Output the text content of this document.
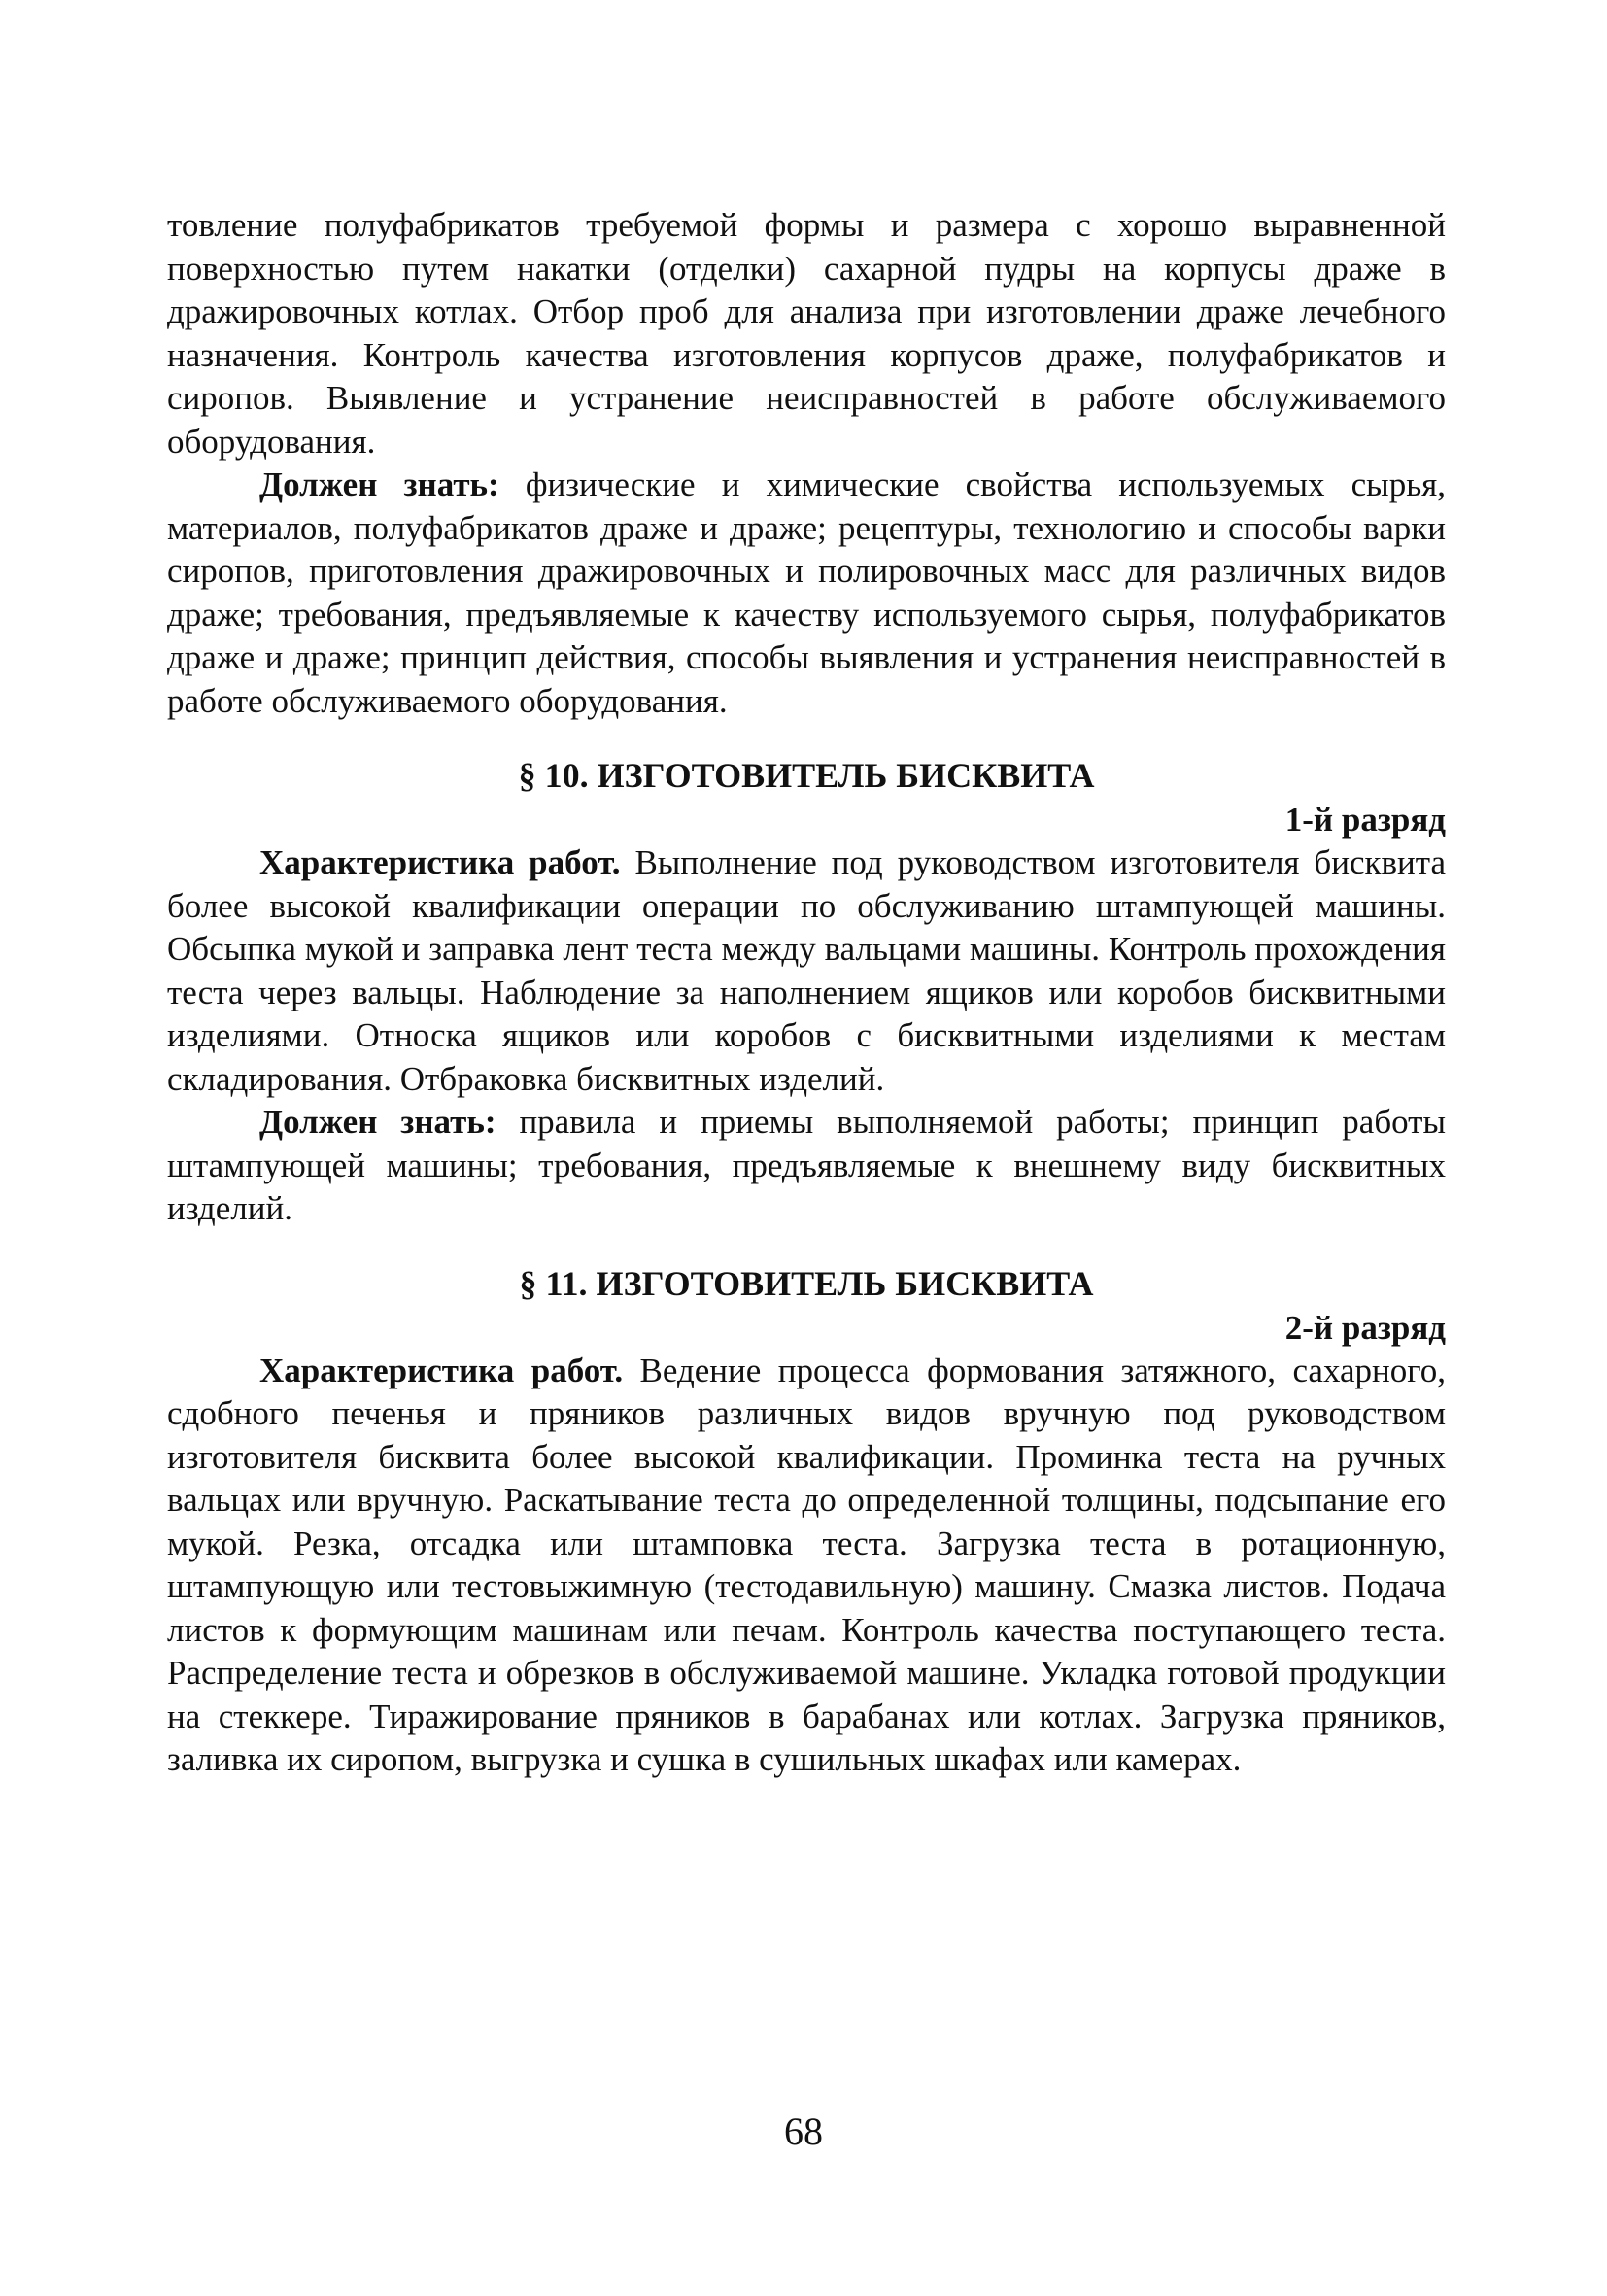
товление полуфабрикатов требуемой формы и размера с хорошо выравненной поверхностью путем накатки (отделки) сахарной пудры на корпусы драже в дражировочных котлах. Отбор проб для анализа при изготовлении драже лечебного назначения. Контроль качества изготовления корпусов драже, полуфабрикатов и сиропов. Выявление и устранение неисправностей в работе обслуживаемого оборудования.

Должен знать: физические и химические свойства используемых сырья, материалов, полуфабрикатов драже и драже; рецептуры, технологию и способы варки сиропов, приготовления дражировочных и полировочных масс для различных видов драже; требования, предъявляемые к качеству используемого сырья, полуфабрикатов драже и драже; принцип действия, способы выявления и устранения неисправностей в работе обслуживаемого оборудования.

§ 10. ИЗГОТОВИТЕЛЬ БИСКВИТА
1-й разряд

Характеристика работ. Выполнение под руководством изготовителя бисквита более высокой квалификации операции по обслуживанию штампующей машины. Обсыпка мукой и заправка лент теста между вальцами машины. Контроль прохождения теста через вальцы. Наблюдение за наполнением ящиков или коробов бисквитными изделиями. Относка ящиков или коробов с бисквитными изделиями к местам складирования. Отбраковка бисквитных изделий.

Должен знать: правила и приемы выполняемой работы; принцип работы штампующей машины; требования, предъявляемые к внешнему виду бисквитных изделий.

§ 11. ИЗГОТОВИТЕЛЬ БИСКВИТА
2-й разряд

Характеристика работ. Ведение процесса формования затяжного, сахарного, сдобного печенья и пряников различных видов вручную под руководством изготовителя бисквита более высокой квалификации. Проминка теста на ручных вальцах или вручную. Раскатывание теста до определенной толщины, подсыпание его мукой. Резка, отсадка или штамповка теста. Загрузка теста в ротационную, штампующую или тестовыжимную (тестодавильную) машину. Смазка листов. Подача листов к формующим машинам или печам. Контроль качества поступающего теста. Распределение теста и обрезков в обслуживаемой машине. Укладка готовой продукции на стеккере. Тиражирование пряников в барабанах или котлах. Загрузка пряников, заливка их сиропом, выгрузка и сушка в сушильных шкафах или камерах.

68
